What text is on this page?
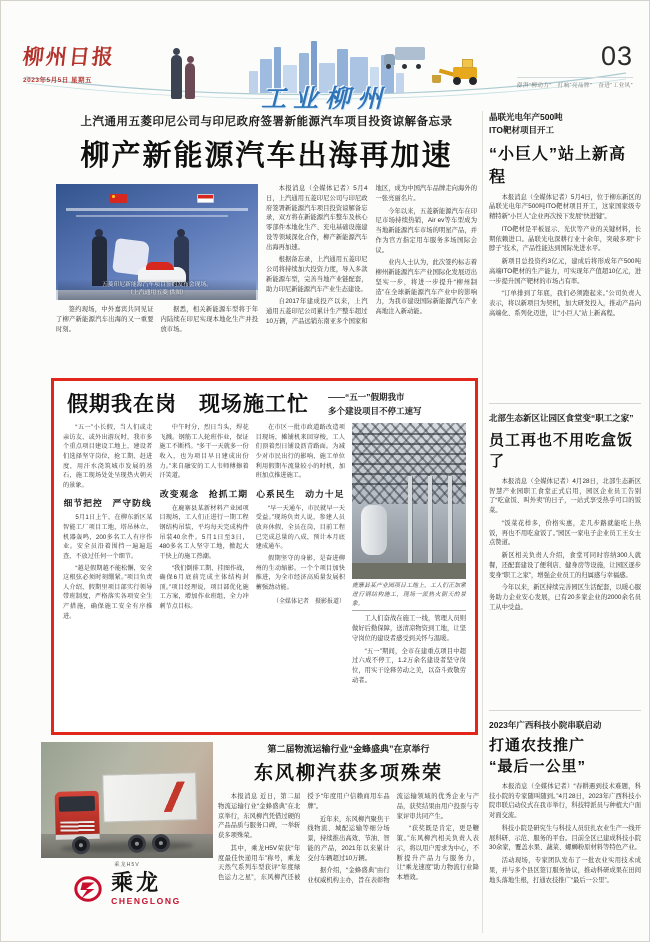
柳州日报
2023年5月5日 星期五
工业柳州
03
澎湃“柳动力”　打响“亮品牌”　奋进“工业风”
上汽通用五菱印尼公司与印尼政府签署新能源汽车项目投资谅解备忘录
柳产新能源汽车出海再加速
五菱印尼新能源汽车项目签约发布会现场。
（上汽通用五菱 供图）

签约现场，中外嘉宾共同见证了柳产新能源汽车出海的又一重要时刻。

据悉，相关新能源车型将于年内陆续在印尼实现本地化生产并投放市场。

本报消息（全媒体记者）5月4日，上汽通用五菱印尼公司与印尼政府签署新能源汽车项目投资谅解备忘录，双方将在新能源汽车整车及核心零部件本地化生产、充电基础设施建设等领域深化合作，柳产新能源汽车出海再加速。

根据备忘录，上汽通用五菱印尼公司将持续加大投资力度，导入多款新能源车型，完善当地产业链配套，助力印尼新能源汽车产业生态建设。

自2017年建成投产以来，上汽通用五菱印尼公司累计生产整车超过10万辆，产品远销东南亚多个国家和地区，成为中国汽车品牌走向海外的一张亮丽名片。

今年以来，五菱新能源汽车在印尼市场持续热销，Air ev等车型成为当地新能源汽车市场的明星产品，并作为官方指定用车服务多场国际会议。

业内人士认为，此次签约标志着柳州新能源汽车产业国际化发展迈出坚实一步，将进一步提升“柳州制造”在全球新能源汽车产业中的影响力，为我市建设国际新能源汽车产业高地注入新动能。

假期我在岗　现场施工忙 ——“五一”假期我市
多个建设项目不停工速写
“五一”小长假，当人们或走亲访友、或外出游玩时，我市多个重点项目建设工地上，建设者们选择坚守岗位，抢工期、赶进度，用汗水浇筑城市发展的基石，施工现场处处呈现热火朝天的景象。
细节把控　严守防线
5月1日上午，在柳东新区某智能工厂项目工地，塔吊林立、机器轰鸣，200多名工人有序作业。安全员沿着围挡一遍遍巡查，不放过任何一个细节。
“越是假期越不能松懈，安全这根弦必须时刻绷紧。”项目负责人介绍，假期里项目部实行领导带班制度，严格落实各项安全生产措施，确保施工安全有序推进。
中午时分，烈日当头，焊花飞溅。钢筋工人轮班作业，保证施工不断档。“多干一天就多一份收入，也为项目早日建成出份力。”来自融安的工人韦师傅擦着汗笑道。
改变观念　抢抓工期
在鹿寨县某新材料产业园项目现场，工人们正进行一期工程钢结构吊装，平均每天完成构件吊装40余件。5月1日至3日，480多名工人坚守工地，掀起大干快上的施工热潮。
“我们倒排工期、挂图作战，确保6月底前完成主体结构封顶。”项目经理说，项目部优化施工方案，增加作业班组，全力冲刺节点目标。
在市区一批市政道路改造项目现场，摊铺机来回穿梭，工人们顶着烈日铺设沥青路面。为减少对市民出行的影响，施工单位利用假期车流量较小的时机，加班加点推进施工。
心系民生　动力十足
“早一天通车，市民就早一天受益。”现场负责人说，参建人员放弃休假、全员在岗，目前工程已完成总量的八成，预计本月底建成通车。
假期坚守的身影，是奋进柳州的生动缩影。一个个项目加快推进，为全市经济高质量发展积蓄强劲动能。
（全媒体记者　摄影报道）
鹿寨县某产业园项目工地上，工人们正加紧进行钢结构施工，现场一派热火朝天的景象。

工人们奋战在施工一线，管理人员则做好后勤保障，送清凉物资到工地，让坚守岗位的建设者感受到关怀与温暖。

“五一”期间，全市在建重点项目中超过六成不停工，1.2万余名建设者坚守岗位，用实干诠释劳动之美，以奋斗致敬劳动者。

晶联光电年产500吨
ITO靶材项目开工
“小巨人”站上新高程

本报消息（全媒体记者）5月4日，位于柳东新区的晶联光电年产500吨ITO靶材项目开工，这家国家级专精特新“小巨人”企业再次按下发展“快进键”。

ITO靶材是平板显示、光伏等产业的关键材料，长期依赖进口。晶联光电深耕行业十余年，突破多项“卡脖子”技术，产品性能达到国际先进水平。

新项目总投资约3亿元，建成后将形成年产500吨高端ITO靶材的生产能力，可实现年产值超10亿元，进一步提升国产靶材的市场占有率。

“订单排到了年底，我们必须跑起来。”公司负责人表示，将以新项目为契机，加大研发投入，推动产品向高端化、系列化迈进，让“小巨人”站上新高程。

北部生态新区让园区食堂变“职工之家”
员工再也不用吃盒饭了

本报消息（全媒体记者）4月28日，北部生态新区智慧产业园职工食堂正式启用，园区企业员工告别了“吃盒饭、叫外卖”的日子，一站式享受热乎可口的饭菜。

“饭菜花样多，价格实惠，走几步路就能吃上热饭，再也不用吃盒饭了。”园区一家电子企业员工王女士点赞道。

新区相关负责人介绍，食堂可同时容纳300人就餐，还配套建设了便利店、健身房等设施，让园区逐步变身“职工之家”，增强企业员工的归属感与幸福感。

今年以来，新区持续完善园区生活配套，以暖心服务助力企业安心发展，已有20多家企业的2000余名员工从中受益。

2023年广西科技小院串联启动
打通农技推广
“最后一公里”

本报消息（全媒体记者）“春耕遇到技术难题，科技小院的专家随叫随到。”4月28日，2023年广西科技小院串联启动仪式在我市举行，科技特派员与种植大户面对面交流。

科技小院是研究生与科技人员驻扎农业生产一线开展科研、示范、服务的平台。目前全区已建成科技小院30余家，覆盖水果、蔬菜、螺蛳粉原材料等特色产业。

活动现场，专家团队发布了一批农业实用技术成果，并与多个县区签订服务协议，推动科研成果在田间地头落地生根，打通农技推广“最后一公里”。

第二届物流运输行业“金蜂盛典”在京举行
东风柳汽获多项殊荣

本报消息 近日，第二届物流运输行业“金蜂盛典”在北京举行，东风柳汽凭借过硬的产品品质与服务口碑，一举斩获多项殊荣。

其中，乘龙H5V荣获“年度最佳快递用车”称号，乘龙天然气系列车型获评“年度绿色运力之星”，东风柳汽还被授予“年度用户信赖商用车品牌”。

近年来，东风柳汽聚焦干线物流、城配运输等细分场景，持续推出高效、节油、智能的产品，2021年以来累计交付车辆超过10万辆。

据介绍，“金蜂盛典”由行业权威机构主办，旨在表彰物流运输领域的优秀企业与产品，获奖结果由用户投票与专家评审共同产生。

“获奖既是肯定，更是鞭策。”东风柳汽相关负责人表示，将以用户需求为中心，不断提升产品力与服务力，让“乘龙速度”助力物流行业降本增效。

乘龙H5V
乘龙
CHENGLONG
